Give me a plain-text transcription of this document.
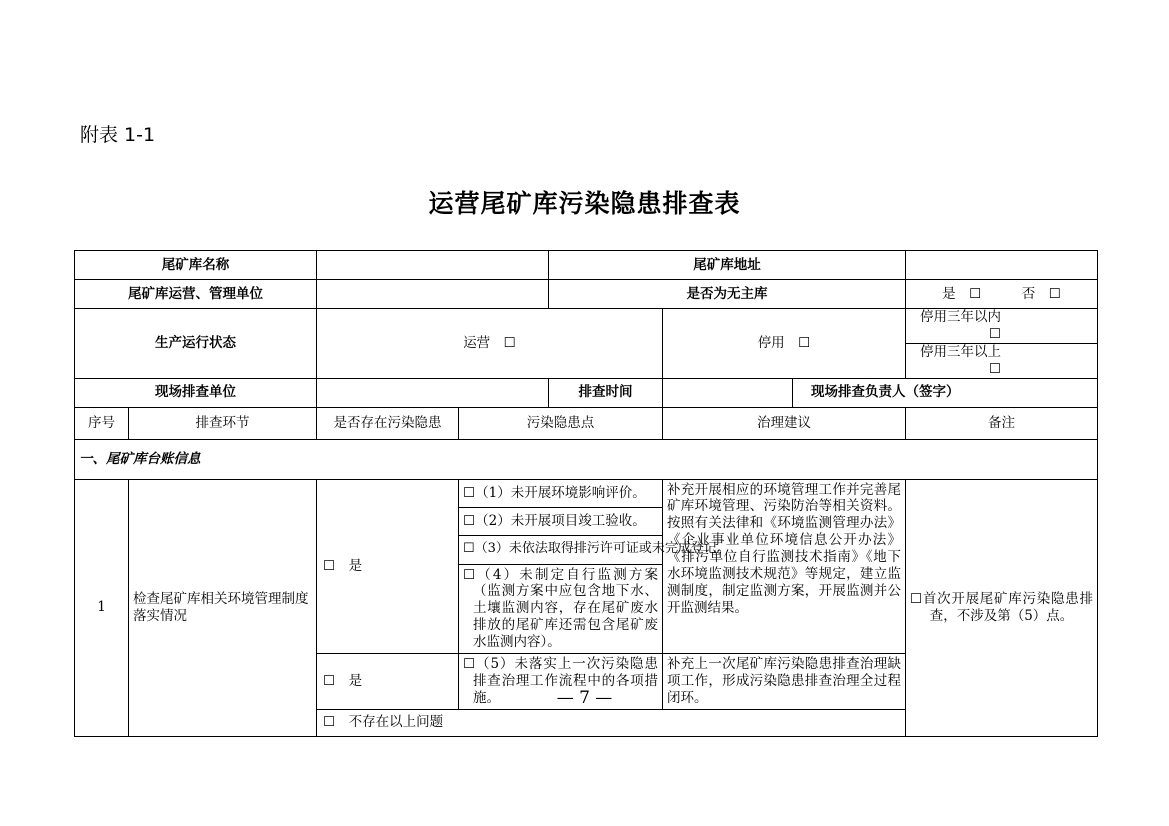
附表 1-1
运营尾矿库污染隐患排查表
尾矿库名称				尾矿库地址			
尾矿库运营、管理单位				是否为无主库			是　☐　　　否　☐
生产运行状态		运营　☐			停用　☐		停用三年以内　☐
							停用三年以上　☐
现场排查单位				排查时间		现场排查负责人（签字）	
序号	排查环节	是否存在污染隐患	污染隐患点		治理建议		备注
一、尾矿库台账信息							
1	检查尾矿库相关环境管理制度落实情况	☐　是	☐（1）未开展环境影响评价。		补充开展相应的环境管理工作并完善尾矿库环境管理、污染防治等相关资料。按照有关法律和《环境监测管理办法》《企业事业单位环境信息公开办法》《排污单位自行监测技术指南》《地下水环境监测技术规范》等规定，建立监测制度，制定监测方案，开展监测并公开监测结果。		☐首次开展尾矿库污染隐患排查，不涉及第（5）点。
			☐（2）未开展项目竣工验收。				
			☐（3）未依法取得排污许可证或未完成登记。				
			☐（4）未制定自行监测方案（监测方案中应包含地下水、土壤监测内容，存在尾矿废水排放的尾矿库还需包含尾矿废水监测内容）。				
		☐　是	☐（5）未落实上一次污染隐患排查治理工作流程中的各项措施。		补充上一次尾矿库污染隐患排查治理缺项工作，形成污染隐患排查治理全过程闭环。		
		☐　不存在以上问题					
— 7 —
